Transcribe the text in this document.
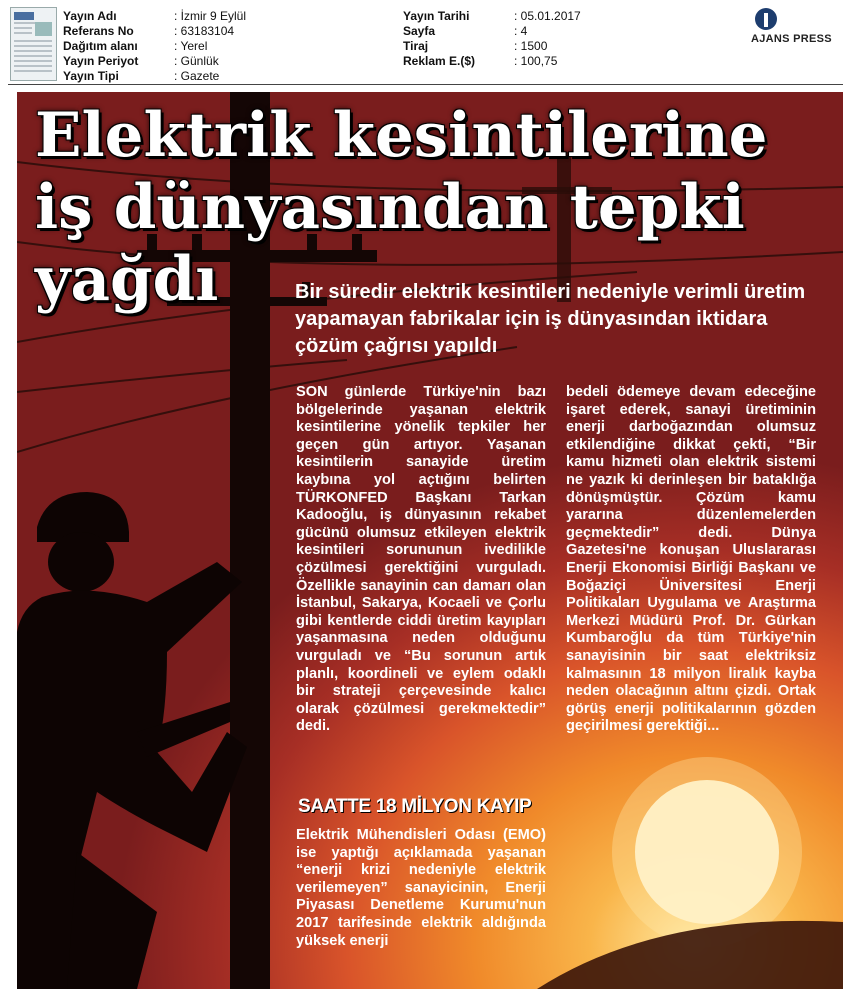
Yayın Adı	: İzmir 9 Eylül
Referans No	: 63183104
Dağıtım alanı	: Yerel
Yayın Periyot	: Günlük
Yayın Tipi	: Gazete
Yayın Tarihi	: 05.01.2017
Sayfa	: 4
Tiraj	: 1500
Reklam E.($)	: 100,75
AJANS PRESS
Elektrik kesintilerine iş dünyasından tepki yağdı	Bir süredir elektrik kesintileri nedeniyle verimli üretim yapamayan fabrikalar için iş dünyasından iktidara çözüm çağrısı yapıldı

SON günlerde Türkiye'nin bazı bölgelerinde yaşanan elektrik kesintilerine yönelik tepkiler her geçen gün artıyor. Yaşanan kesintilerin sanayide üretim kaybına yol açtığını belirten TÜRKONFED Başkanı Tarkan Kadooğlu, iş dünyasının rekabet gücünü olumsuz etkileyen elektrik kesintileri sorununun ivedilikle çözülmesi gerektiğini vurguladı. Özellikle sanayinin can damarı olan İstanbul, Sakarya, Kocaeli ve Çorlu gibi kentlerde ciddi üretim kayıpları yaşanmasına neden olduğunu vurguladı ve “Bu sorunun artık planlı, koordineli ve eylem odaklı bir strateji çerçevesinde kalıcı olarak çözülmesi gerekmektedir” dedi.

SAATTE 18 MİLYON KAYIP

Elektrik Mühendisleri Odası (EMO) ise yaptığı açıklamada yaşanan “enerji krizi nedeniyle elektrik verilemeyen” sanayicinin, Enerji Piyasası Denetleme Kurumu'nun 2017 tarifesinde elektrik aldığında yüksek enerji

bedeli ödemeye devam edeceğine işaret ederek, sanayi üretiminin enerji darboğazından olumsuz etkilendiğine dikkat çekti, “Bir kamu hizmeti olan elektrik sistemi ne yazık ki derinleşen bir bataklığa dönüşmüştür. Çözüm kamu yararına düzenlemelerden geçmektedir” dedi. Dünya Gazetesi'ne konuşan Uluslararası Enerji Ekonomisi Birliği Başkanı ve Boğaziçi Üniversitesi Enerji Politikaları Uygulama ve Araştırma Merkezi Müdürü Prof. Dr. Gürkan Kumbaroğlu da tüm Türkiye'nin sanayisinin bir saat elektriksiz kalmasının 18 milyon liralık kayba neden olacağının altını çizdi. Ortak görüş enerji politikalarının gözden geçirilmesi gerektiği...
